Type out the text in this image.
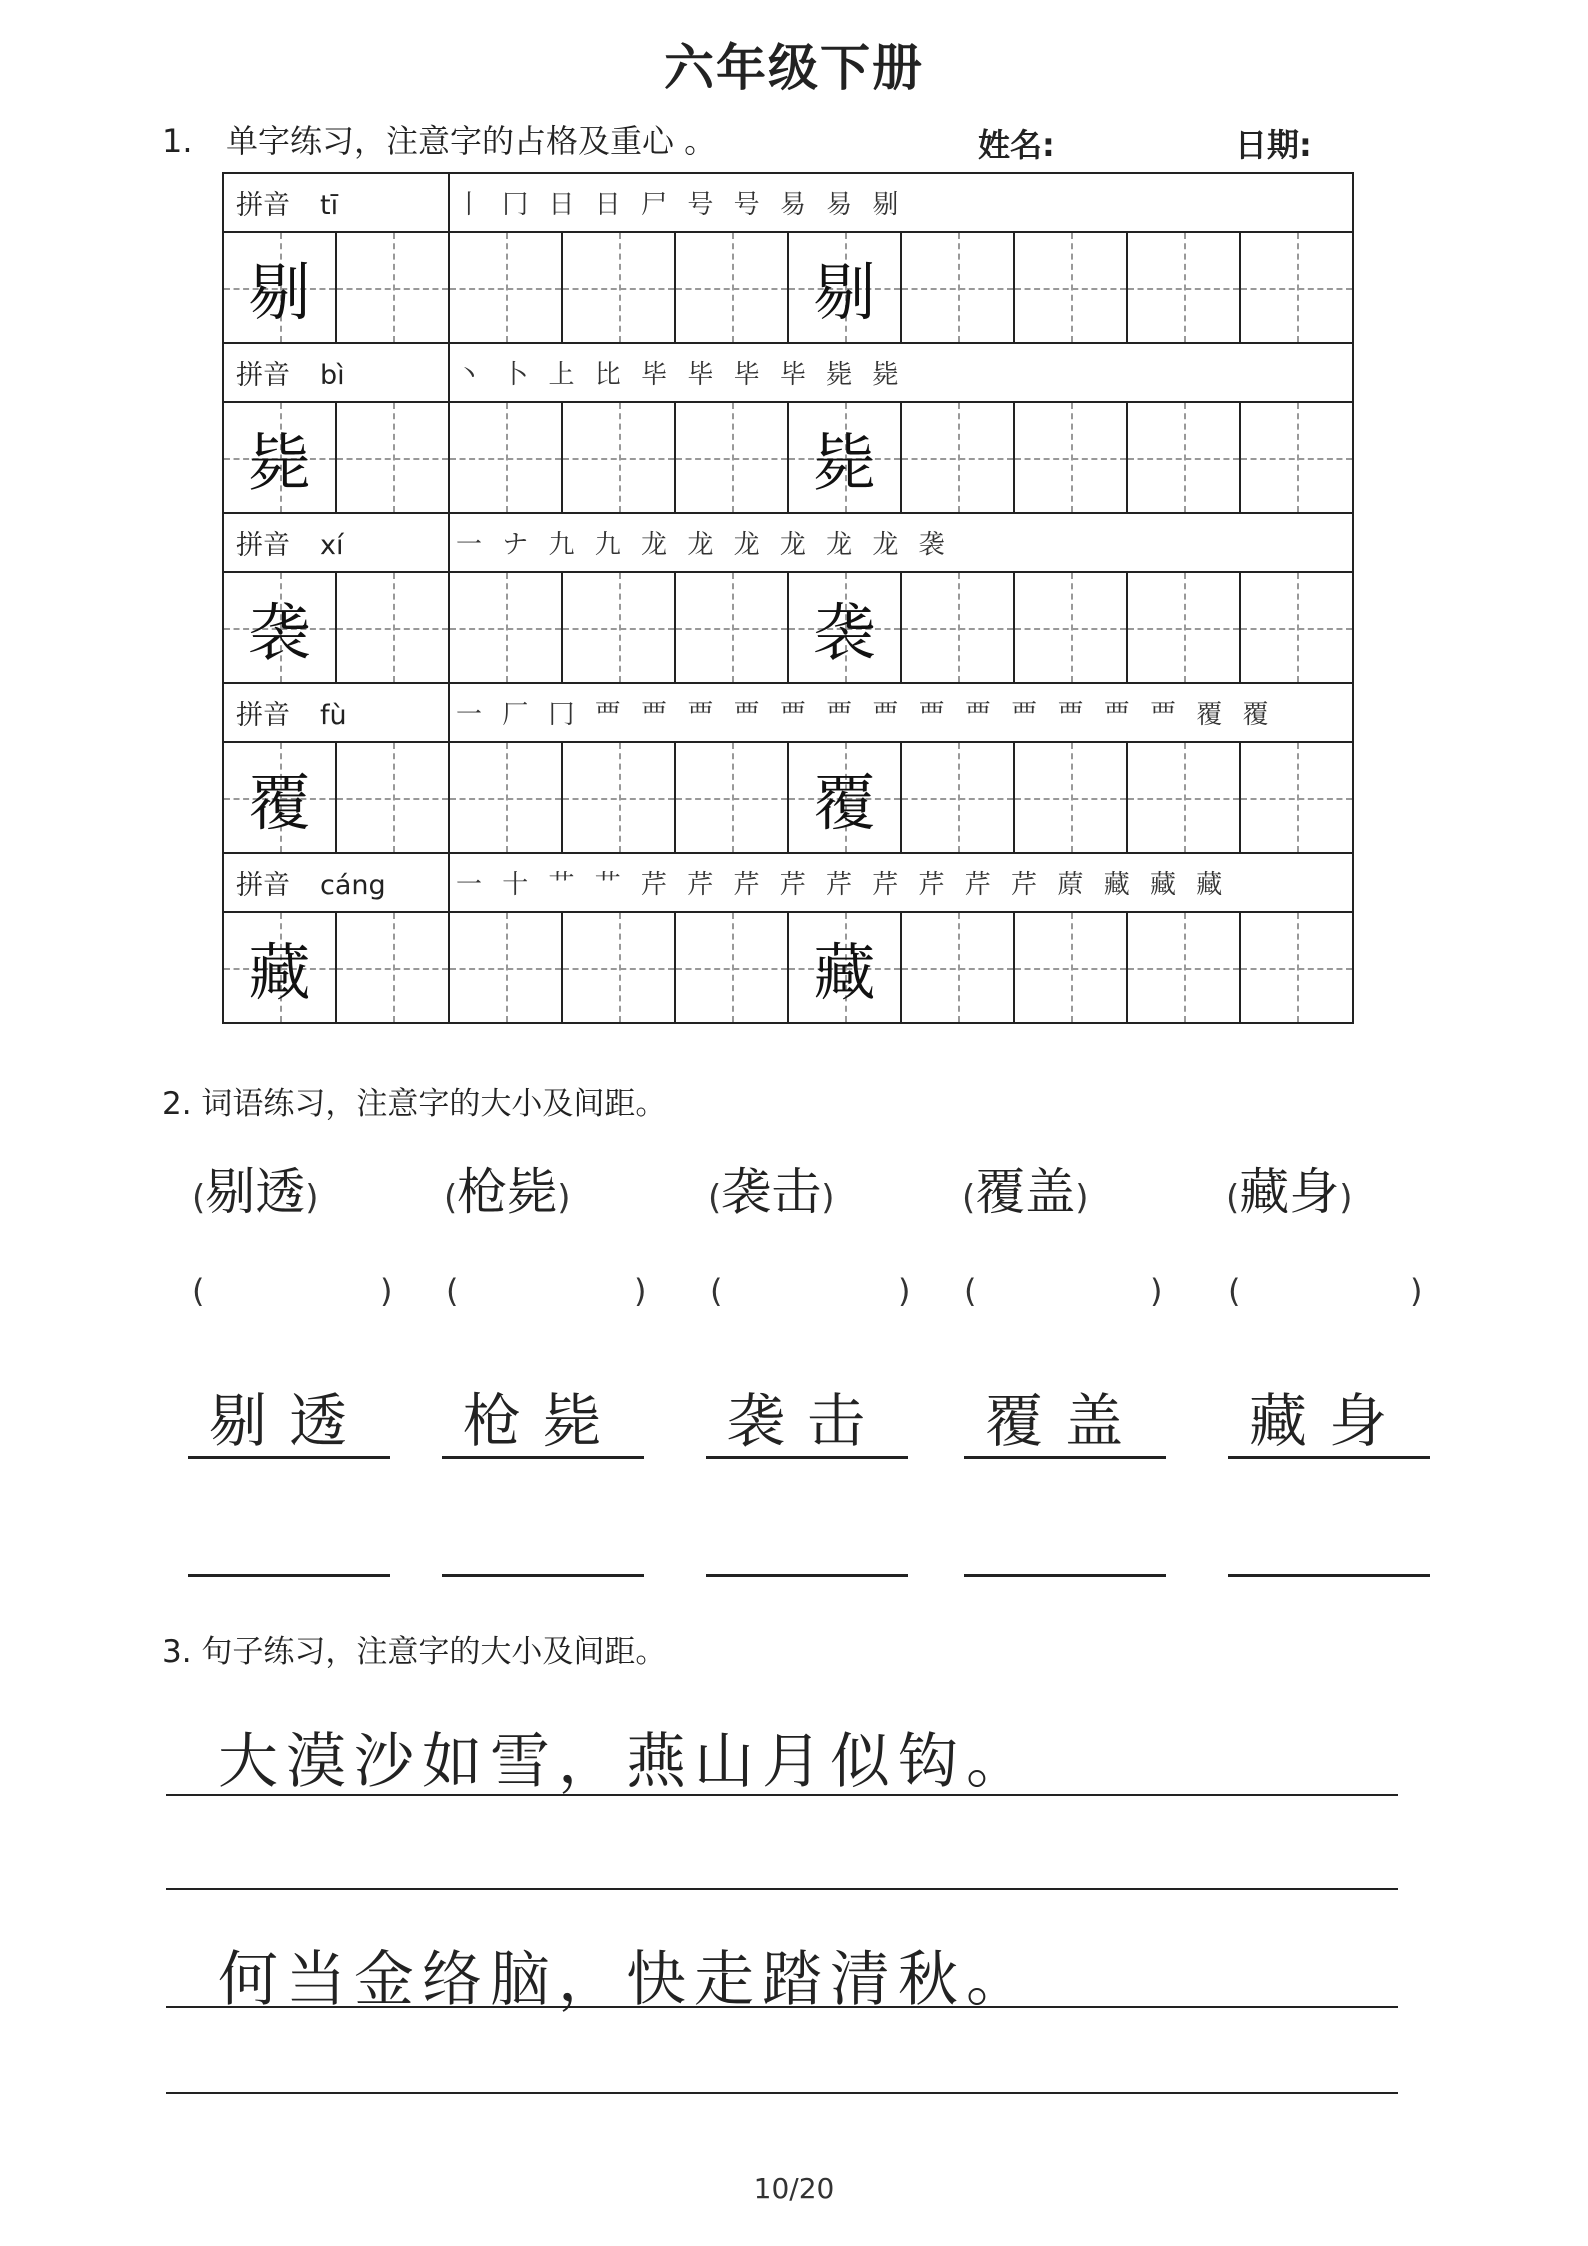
六年级下册
1. 单字练习，注意字的占格及重心 。	姓名:	日期:
拼音 tī		丨 冂 日 日 尸 号 号 易 易 剔							

剔					剔				

拼音 bì		丶 卜 上 比 毕 毕 毕 毕 毙 毙							

毙					毙				

拼音 xí		一 ナ 九 九 龙 龙 龙 龙 龙 龙 袭							

袭					袭				

拼音 fù		一 厂 冂 覀 覀 覀 覀 覀 覀 覀 覀 覀 覀 覀 覀 覀 覆 覆							

覆					覆				

拼音 cáng		一 十 艹 艹 芹 芹 芹 芹 芹 芹 芹 芹 芹 蒝 藏 藏 藏							

藏					藏				

2. 词语练习，注意字的大小及间距。
(剔透)	(枪毙)	(袭击)	(覆盖)	(藏身)
(	) (	) (	) (	) (	)
剔透	枪毙	袭击	覆盖	藏身
3. 句子练习，注意字的大小及间距。
大漠沙如雪，燕山月似钩。
何当金络脑，快走踏清秋。
10/20
